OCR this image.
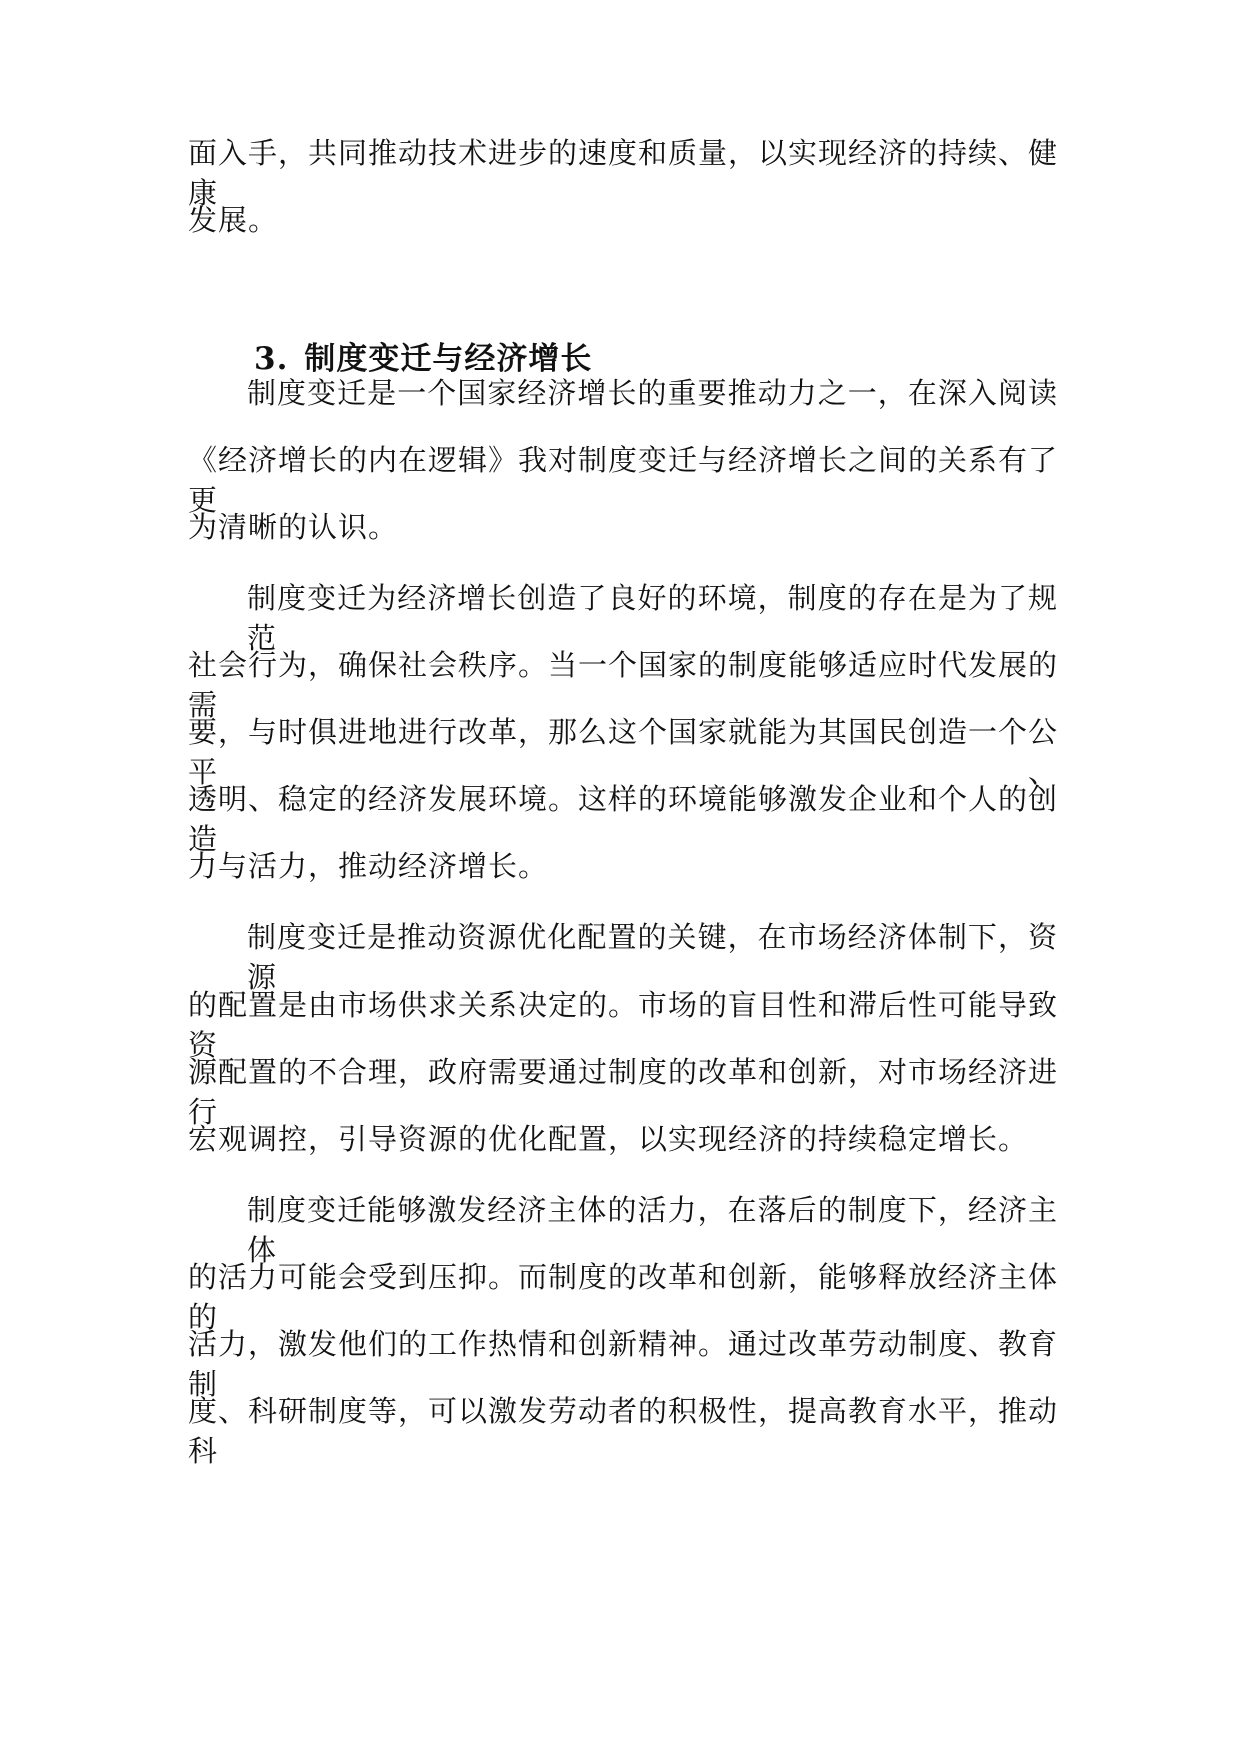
面入手，共同推动技术进步的速度和质量，以实现经济的持续、健康
发展。
3. 制度变迁与经济增长
制度变迁是一个国家经济增长的重要推动力之一，在深入阅读
《经济增长的内在逻辑》我对制度变迁与经济增长之间的关系有了更
为清晰的认识。
制度变迁为经济增长创造了良好的环境，制度的存在是为了规范
社会行为，确保社会秩序。当一个国家的制度能够适应时代发展的需
要，与时俱进地进行改革，那么这个国家就能为其国民创造一个公平、
透明、稳定的经济发展环境。这样的环境能够激发企业和个人的创造
力与活力，推动经济增长。
制度变迁是推动资源优化配置的关键，在市场经济体制下，资源
的配置是由市场供求关系决定的。市场的盲目性和滞后性可能导致资
源配置的不合理，政府需要通过制度的改革和创新，对市场经济进行
宏观调控，引导资源的优化配置，以实现经济的持续稳定增长。
制度变迁能够激发经济主体的活力，在落后的制度下，经济主体
的活力可能会受到压抑。而制度的改革和创新，能够释放经济主体的
活力，激发他们的工作热情和创新精神。通过改革劳动制度、教育制
度、科研制度等，可以激发劳动者的积极性，提高教育水平，推动科
